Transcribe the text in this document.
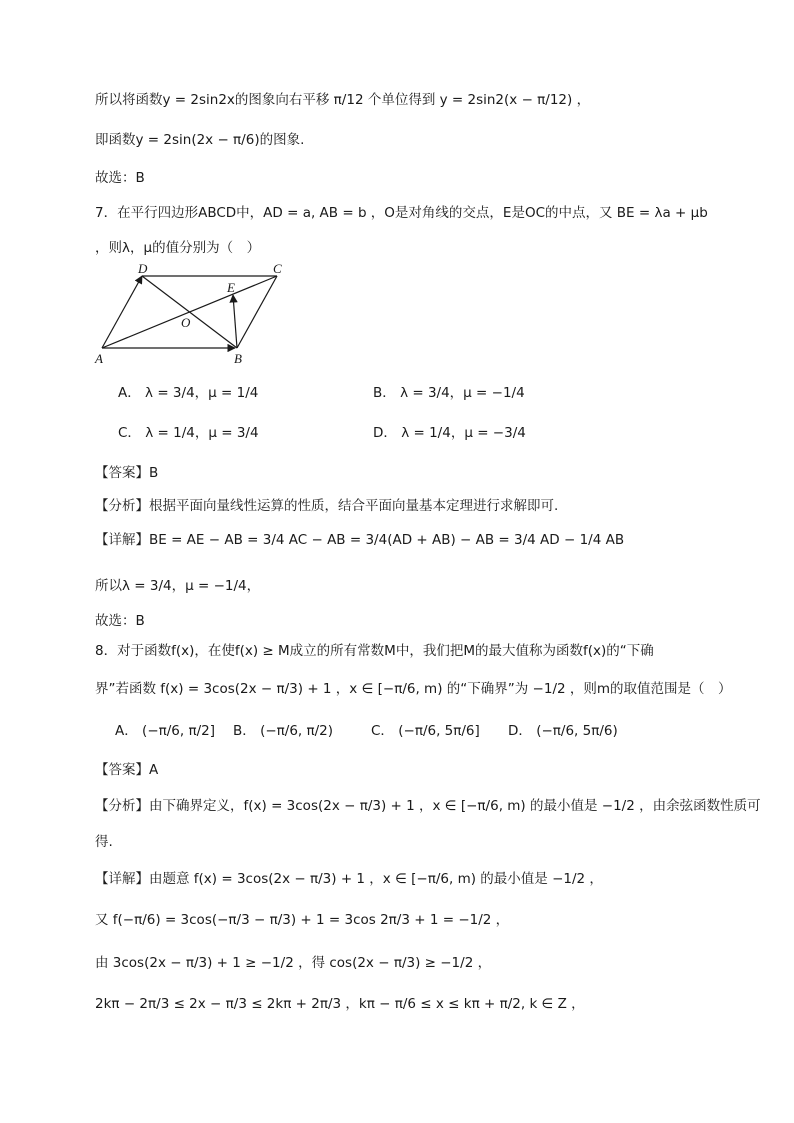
所以将函数y = 2sin2x的图象向右平移 π/12 个单位得到 y = 2sin2(x − π/12) ，
即函数y = 2sin(2x − π/6)的图象.
故选：B
7．在平行四边形ABCD中，AD = a, AB = b ，O是对角线的交点，E是OC的中点，又 BE = λa + μb
，则λ，μ的值分别为（　）
D	C
E
O
A	B
A． λ = 3/4，μ = 1/4	B． λ = 3/4，μ = −1/4
C． λ = 1/4，μ = 3/4	D． λ = 1/4，μ = −3/4
【答案】B
【分析】根据平面向量线性运算的性质，结合平面向量基本定理进行求解即可.
【详解】BE = AE − AB = 3/4 AC − AB = 3/4(AD + AB) − AB = 3/4 AD − 1/4 AB
所以λ = 3/4，μ = −1/4，
故选：B
8．对于函数f(x)，在使f(x) ≥ M成立的所有常数M中，我们把M的最大值称为函数f(x)的“下确
界”若函数 f(x) = 3cos(2x − π/3) + 1 ，x ∈ [−π/6, m) 的“下确界”为 −1/2 ，则m的取值范围是（　）
A． (−π/6, π/2] B． (−π/6, π/2)	C． (−π/6, 5π/6] D． (−π/6, 5π/6)
【答案】A
【分析】由下确界定义，f(x) = 3cos(2x − π/3) + 1 ，x ∈ [−π/6, m) 的最小值是 −1/2 ，由余弦函数性质可
得.
【详解】由题意 f(x) = 3cos(2x − π/3) + 1 ，x ∈ [−π/6, m) 的最小值是 −1/2 ，
又 f(−π/6) = 3cos(−π/3 − π/3) + 1 = 3cos 2π/3 + 1 = −1/2 ，
由 3cos(2x − π/3) + 1 ≥ −1/2 ，得 cos(2x − π/3) ≥ −1/2 ，
2kπ − 2π/3 ≤ 2x − π/3 ≤ 2kπ + 2π/3 ，kπ − π/6 ≤ x ≤ kπ + π/2, k ∈ Z ，
